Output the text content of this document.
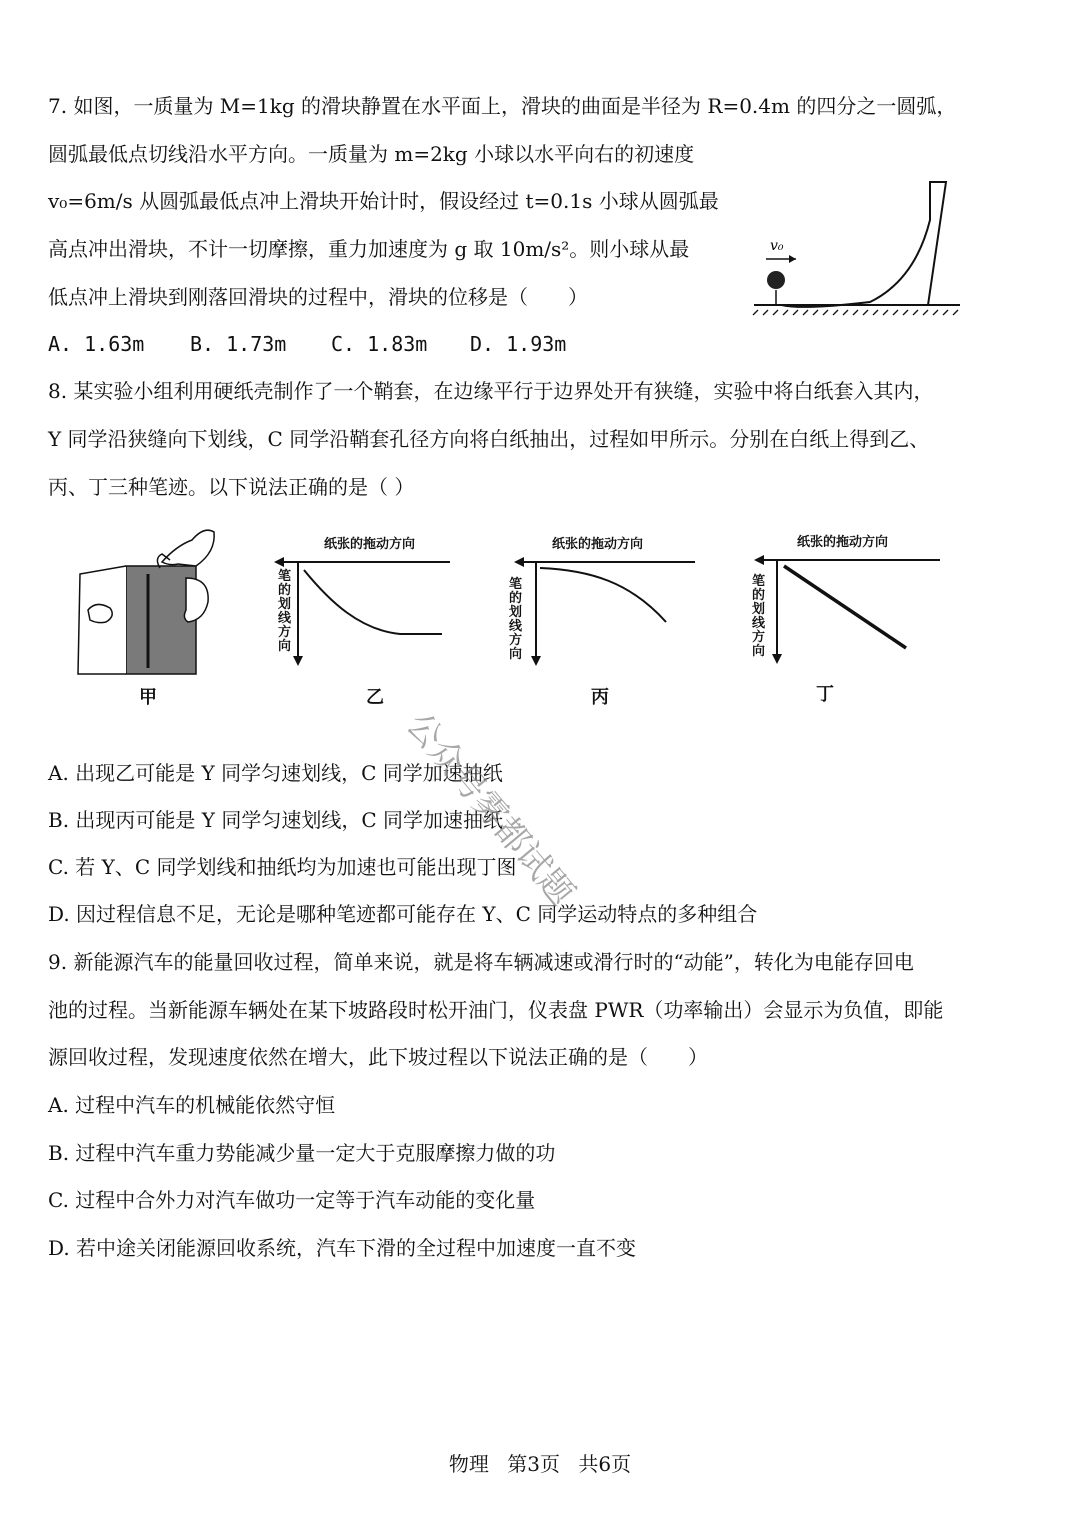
7. 如图，一质量为 M=1kg 的滑块静置在水平面上，滑块的曲面是半径为 R=0.4m 的四分之一圆弧，
圆弧最低点切线沿水平方向。一质量为 m=2kg 小球以水平向右的初速度
v₀=6m/s 从圆弧最低点冲上滑块开始计时，假设经过 t=0.1s 小球从圆弧最
高点冲出滑块，不计一切摩擦，重力加速度为 g 取 10m/s²。则小球从最
低点冲上滑块到刚落回滑块的过程中，滑块的位移是（　　）
v₀
A. 1.63m B. 1.73m C. 1.83m D. 1.93m
8. 某实验小组利用硬纸壳制作了一个鞘套，在边缘平行于边界处开有狭缝，实验中将白纸套入其内，
Y 同学沿狭缝向下划线，C 同学沿鞘套孔径方向将白纸抽出，过程如甲所示。分别在白纸上得到乙、
丙、丁三种笔迹。以下说法正确的是（ ）
甲
纸张的拖动方向
笔的划线方向
乙
纸张的拖动方向
笔的划线方向
丙
纸张的拖动方向
笔的划线方向
丁
A. 出现乙可能是 Y 同学匀速划线，C 同学加速抽纸
B. 出现丙可能是 Y 同学匀速划线，C 同学加速抽纸
C. 若 Y、C 同学划线和抽纸均为加速也可能出现丁图
D. 因过程信息不足，无论是哪种笔迹都可能存在 Y、C 同学运动特点的多种组合
9. 新能源汽车的能量回收过程，简单来说，就是将车辆减速或滑行时的“动能”，转化为电能存回电
池的过程。当新能源车辆处在某下坡路段时松开油门，仪表盘 PWR（功率输出）会显示为负值，即能
源回收过程，发现速度依然在增大，此下坡过程以下说法正确的是（　　）
A. 过程中汽车的机械能依然守恒
B. 过程中汽车重力势能减少量一定大于克服摩擦力做的功
C. 过程中合外力对汽车做功一定等于汽车动能的变化量
D. 若中途关闭能源回收系统，汽车下滑的全过程中加速度一直不变
公众号雾都试题
物理 第3页 共6页
